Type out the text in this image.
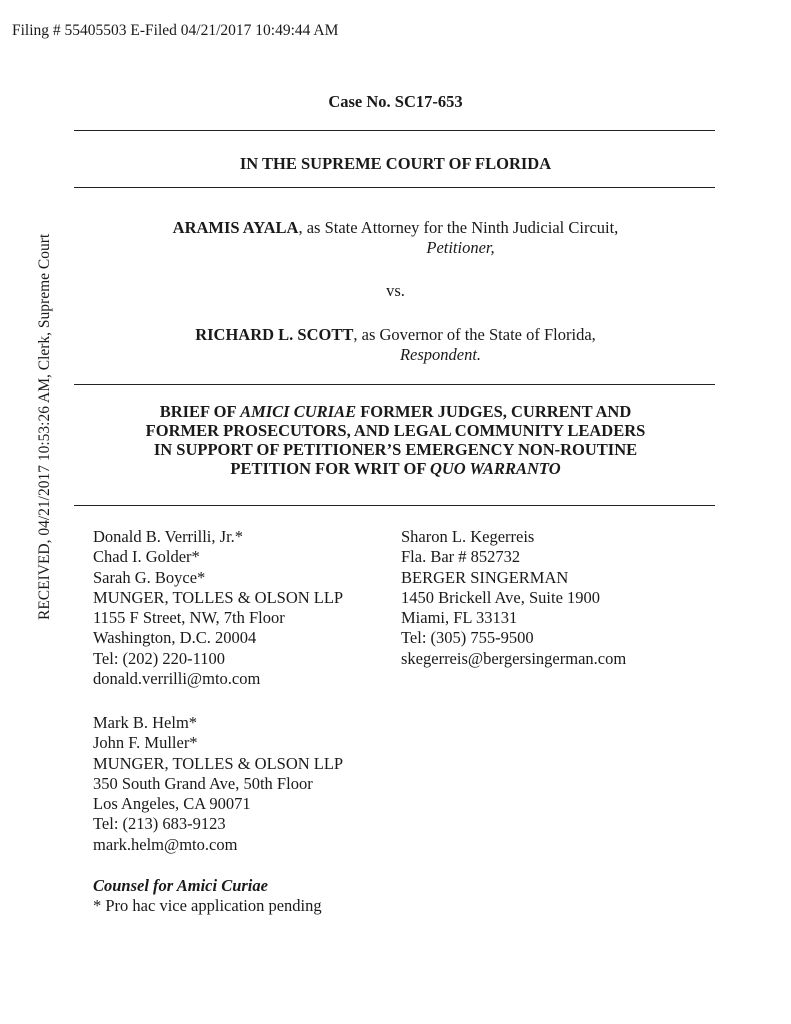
Filing # 55405503 E-Filed 04/21/2017 10:49:44 AM
RECEIVED, 04/21/2017 10:53:26 AM, Clerk, Supreme Court
Case No. SC17-653
IN THE SUPREME COURT OF FLORIDA
ARAMIS AYALA, as State Attorney for the Ninth Judicial Circuit,
Petitioner,
vs.
RICHARD L. SCOTT, as Governor of the State of Florida,
Respondent.
BRIEF OF AMICI CURIAE FORMER JUDGES, CURRENT AND
FORMER PROSECUTORS, AND LEGAL COMMUNITY LEADERS
IN SUPPORT OF PETITIONER’S EMERGENCY NON-ROUTINE
PETITION FOR WRIT OF QUO WARRANTO
Donald B. Verrilli, Jr.*
Chad I. Golder*
Sarah G. Boyce*
MUNGER, TOLLES & OLSON LLP
1155 F Street, NW, 7th Floor
Washington, D.C. 20004
Tel: (202) 220-1100
donald.verrilli@mto.com
Mark B. Helm*
John F. Muller*
MUNGER, TOLLES & OLSON LLP
350 South Grand Ave, 50th Floor
Los Angeles, CA 90071
Tel: (213) 683-9123
mark.helm@mto.com
Sharon L. Kegerreis
Fla. Bar # 852732
BERGER SINGERMAN
1450 Brickell Ave, Suite 1900
Miami, FL 33131
Tel: (305) 755-9500
skegerreis@bergersingerman.com
Counsel for Amici Curiae
* Pro hac vice application pending
